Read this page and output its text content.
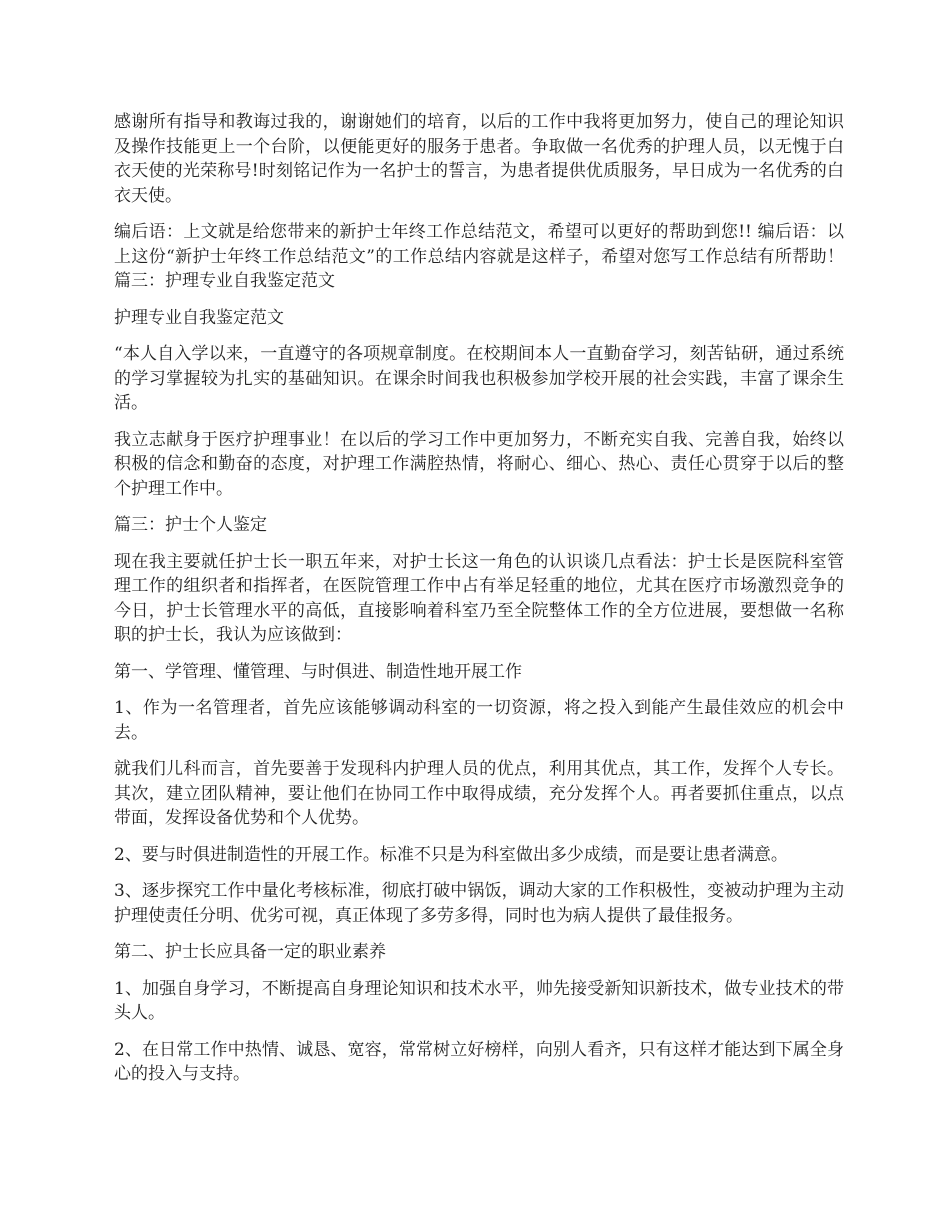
感谢所有指导和教诲过我的，谢谢她们的培育，以后的工作中我将更加努力，使自己的理论知识及操作技能更上一个台阶，以便能更好的服务于患者。争取做一名优秀的护理人员，以无愧于白衣天使的光荣称号!时刻铭记作为一名护士的誓言，为患者提供优质服务，早日成为一名优秀的白衣天使。

编后语：上文就是给您带来的新护士年终工作总结范文，希望可以更好的帮助到您!! 编后语：以上这份“新护士年终工作总结范文”的工作总结内容就是这样子，希望对您写工作总结有所帮助！篇三：护理专业自我鉴定范文

护理专业自我鉴定范文

“本人自入学以来，一直遵守的各项规章制度。在校期间本人一直勤奋学习，刻苦钻研，通过系统的学习掌握较为扎实的基础知识。在课余时间我也积极参加学校开展的社会实践，丰富了课余生活。

我立志献身于医疗护理事业！在以后的学习工作中更加努力，不断充实自我、完善自我，始终以积极的信念和勤奋的态度，对护理工作满腔热情，将耐心、细心、热心、责任心贯穿于以后的整个护理工作中。

篇三：护士个人鉴定

现在我主要就任护士长一职五年来，对护士长这一角色的认识谈几点看法：护士长是医院科室管理工作的组织者和指挥者，在医院管理工作中占有举足轻重的地位，尤其在医疗市场激烈竞争的今日，护士长管理水平的高低，直接影响着科室乃至全院整体工作的全方位进展，要想做一名称职的护士长，我认为应该做到：

第一、学管理、懂管理、与时俱进、制造性地开展工作

1、作为一名管理者，首先应该能够调动科室的一切资源，将之投入到能产生最佳效应的机会中去。

就我们儿科而言，首先要善于发现科内护理人员的优点，利用其优点，其工作，发挥个人专长。其次，建立团队精神，要让他们在协同工作中取得成绩，充分发挥个人。再者要抓住重点，以点带面，发挥设备优势和个人优势。

2、要与时俱进制造性的开展工作。标准不只是为科室做出多少成绩，而是要让患者满意。

3、逐步探究工作中量化考核标准，彻底打破中锅饭，调动大家的工作积极性，变被动护理为主动护理使责任分明、优劣可视，真正体现了多劳多得，同时也为病人提供了最佳报务。

第二、护士长应具备一定的职业素养

1、加强自身学习，不断提高自身理论知识和技术水平，帅先接受新知识新技术，做专业技术的带头人。

2、在日常工作中热情、诚恳、宽容，常常树立好榜样，向别人看齐，只有这样才能达到下属全身心的投入与支持。
